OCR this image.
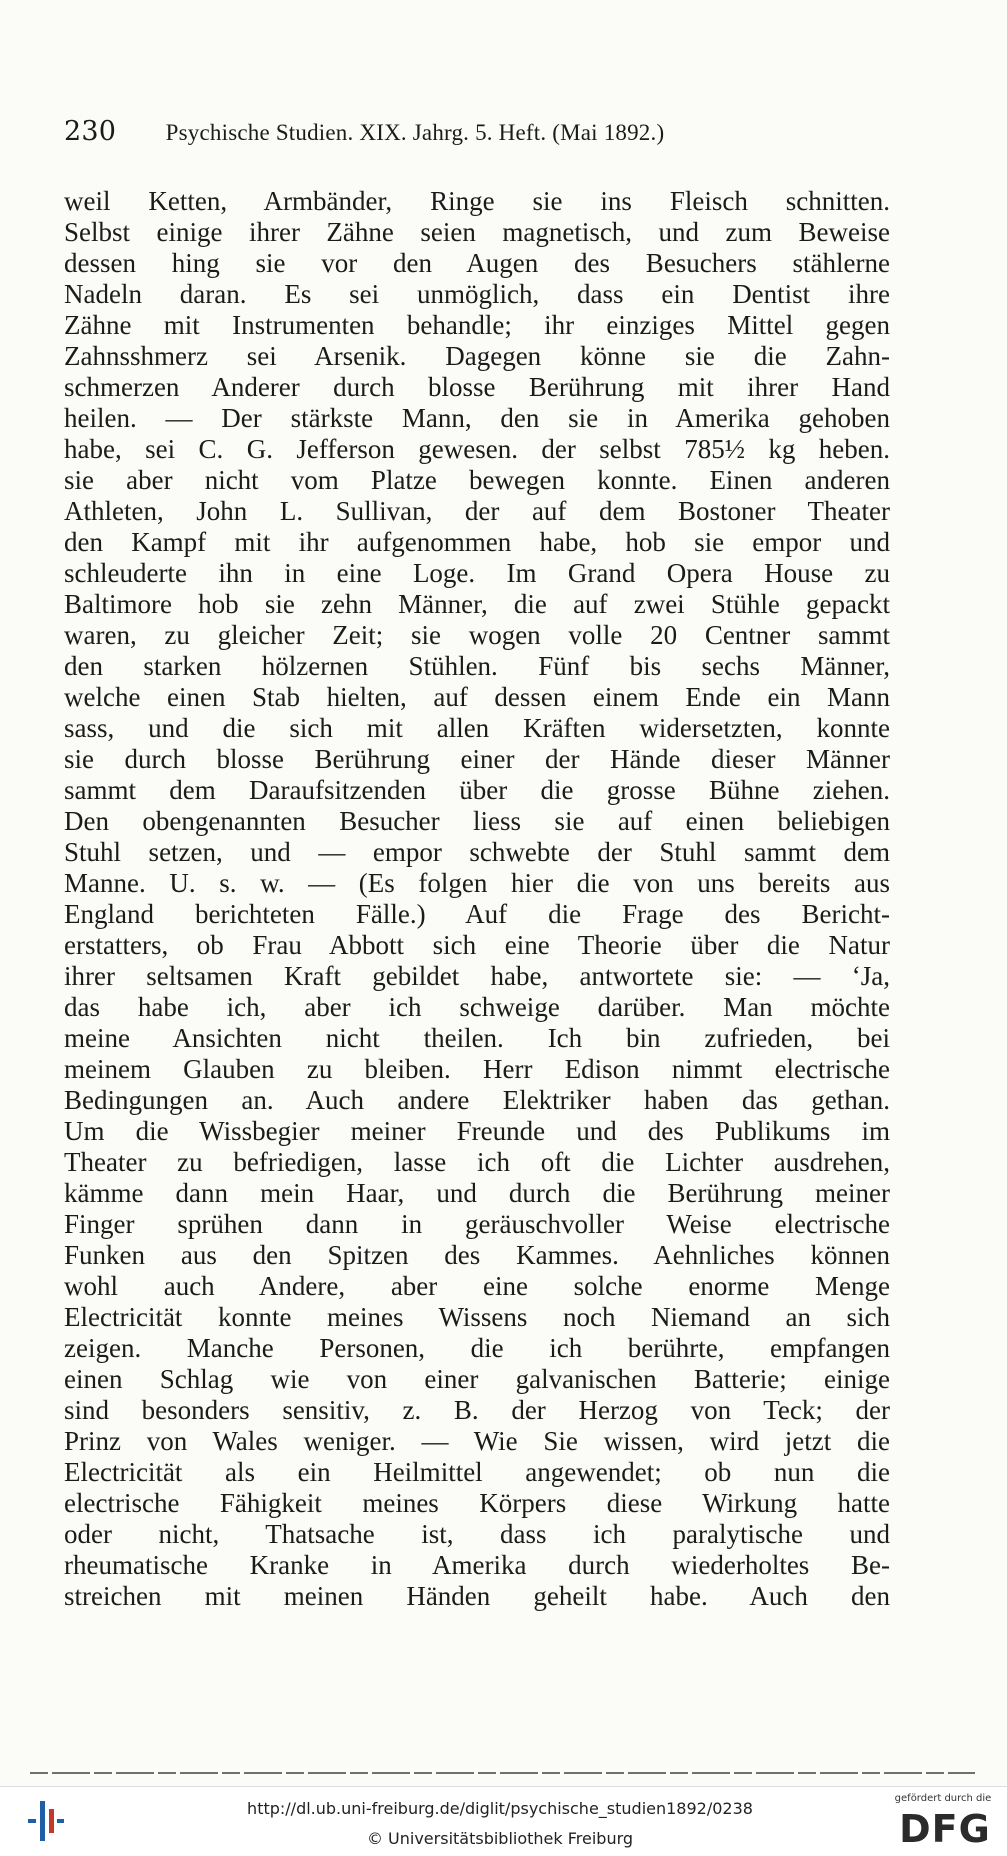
230 Psychische Studien. XIX. Jahrg. 5. Heft. (Mai 1892.)
weil Ketten, Armbänder, Ringe sie ins Fleisch schnitten.
Selbst einige ihrer Zähne seien magnetisch, und zum Beweise
dessen hing sie vor den Augen des Besuchers stählerne
Nadeln daran. Es sei unmöglich, dass ein Dentist ihre
Zähne mit Instrumenten behandle; ihr einziges Mittel gegen
Zahnsshmerz sei Arsenik. Dagegen könne sie die Zahn-
schmerzen Anderer durch blosse Berührung mit ihrer Hand
heilen. — Der stärkste Mann, den sie in Amerika gehoben
habe, sei C. G. Jefferson gewesen. der selbst 785½ kg heben.
sie aber nicht vom Platze bewegen konnte. Einen anderen
Athleten, John L. Sullivan, der auf dem Bostoner Theater
den Kampf mit ihr aufgenommen habe, hob sie empor und
schleuderte ihn in eine Loge. Im Grand Opera House zu
Baltimore hob sie zehn Männer, die auf zwei Stühle gepackt
waren, zu gleicher Zeit; sie wogen volle 20 Centner sammt
den starken hölzernen Stühlen. Fünf bis sechs Männer,
welche einen Stab hielten, auf dessen einem Ende ein Mann
sass, und die sich mit allen Kräften widersetzten, konnte
sie durch blosse Berührung einer der Hände dieser Männer
sammt dem Daraufsitzenden über die grosse Bühne ziehen.
Den obengenannten Besucher liess sie auf einen beliebigen
Stuhl setzen, und — empor schwebte der Stuhl sammt dem
Manne. U. s. w. — (Es folgen hier die von uns bereits aus
England berichteten Fälle.) Auf die Frage des Bericht-
erstatters, ob Frau Abbott sich eine Theorie über die Natur
ihrer seltsamen Kraft gebildet habe, antwortete sie: — ‘Ja,
das habe ich, aber ich schweige darüber. Man möchte
meine Ansichten nicht theilen. Ich bin zufrieden, bei
meinem Glauben zu bleiben. Herr Edison nimmt electrische
Bedingungen an. Auch andere Elektriker haben das gethan.
Um die Wissbegier meiner Freunde und des Publikums im
Theater zu befriedigen, lasse ich oft die Lichter ausdrehen,
kämme dann mein Haar, und durch die Berührung meiner
Finger sprühen dann in geräuschvoller Weise electrische
Funken aus den Spitzen des Kammes. Aehnliches können
wohl auch Andere, aber eine solche enorme Menge
Electricität konnte meines Wissens noch Niemand an sich
zeigen. Manche Personen, die ich berührte, empfangen
einen Schlag wie von einer galvanischen Batterie; einige
sind besonders sensitiv, z. B. der Herzog von Teck; der
Prinz von Wales weniger. — Wie Sie wissen, wird jetzt die
Electricität als ein Heilmittel angewendet; ob nun die
electrische Fähigkeit meines Körpers diese Wirkung hatte
oder nicht, Thatsache ist, dass ich paralytische und
rheumatische Kranke in Amerika durch wiederholtes Be-
streichen mit meinen Händen geheilt habe. Auch den
http://dl.ub.uni-freiburg.de/diglit/psychische_studien1892/0238
© Universitätsbibliothek Freiburg
gefördert durch die
DFG
